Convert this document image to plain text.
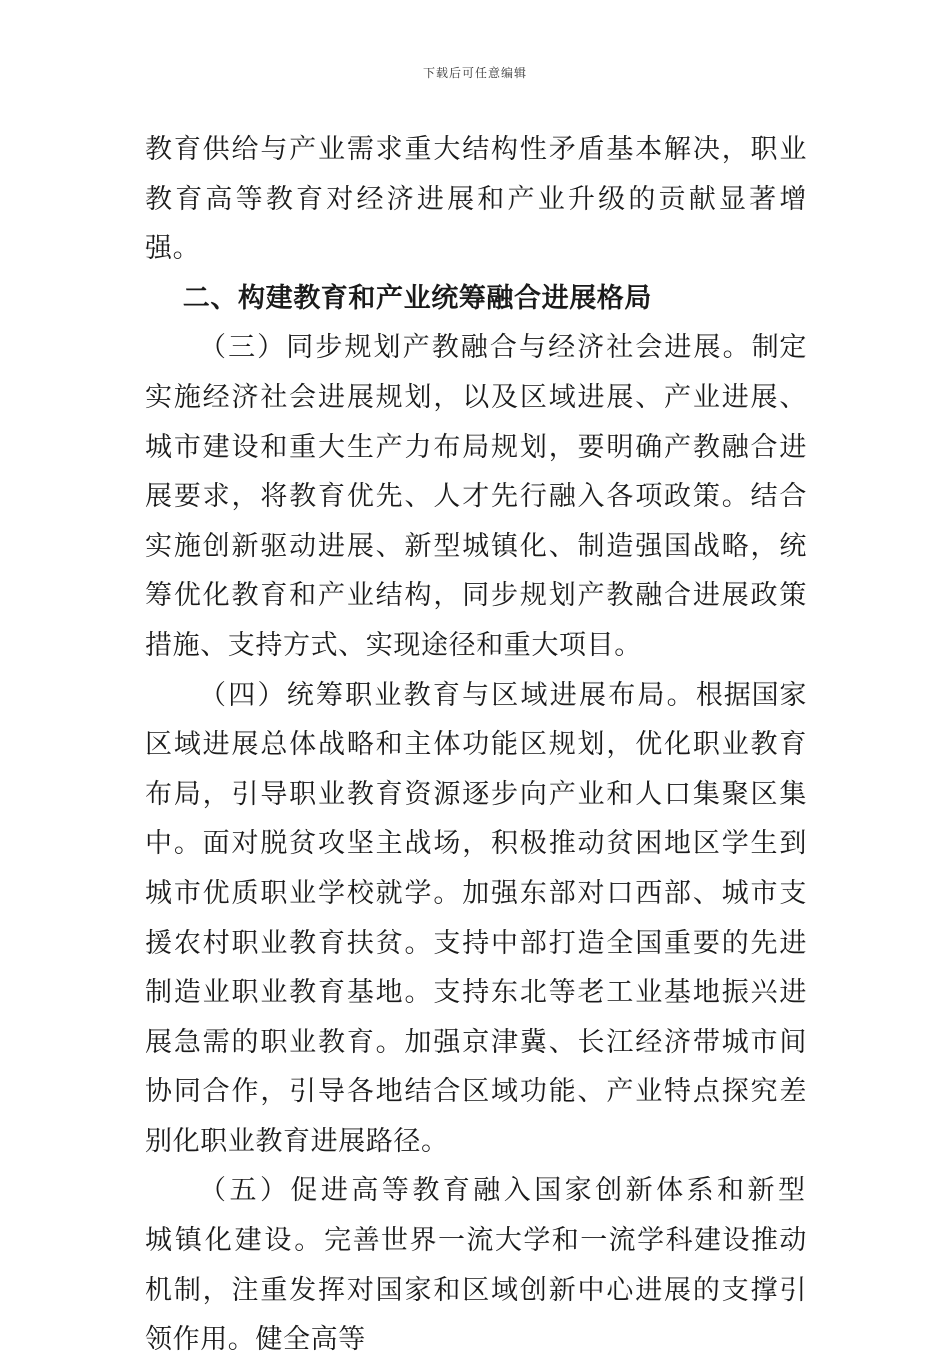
下载后可任意编辑

教育供给与产业需求重大结构性矛盾基本解决，职业教育高等教育对经济进展和产业升级的贡献显著增强。

二、构建教育和产业统筹融合进展格局

（三）同步规划产教融合与经济社会进展。制定实施经济社会进展规划，以及区域进展、产业进展、城市建设和重大生产力布局规划，要明确产教融合进展要求，将教育优先、人才先行融入各项政策。结合实施创新驱动进展、新型城镇化、制造强国战略，统筹优化教育和产业结构，同步规划产教融合进展政策措施、支持方式、实现途径和重大项目。

（四）统筹职业教育与区域进展布局。根据国家区域进展总体战略和主体功能区规划，优化职业教育布局，引导职业教育资源逐步向产业和人口集聚区集中。面对脱贫攻坚主战场，积极推动贫困地区学生到城市优质职业学校就学。加强东部对口西部、城市支援农村职业教育扶贫。支持中部打造全国重要的先进制造业职业教育基地。支持东北等老工业基地振兴进展急需的职业教育。加强京津冀、长江经济带城市间协同合作，引导各地结合区域功能、产业特点探究差别化职业教育进展路径。

（五）促进高等教育融入国家创新体系和新型城镇化建设。完善世界一流大学和一流学科建设推动机制，注重发挥对国家和区域创新中心进展的支撑引领作用。健全高等
